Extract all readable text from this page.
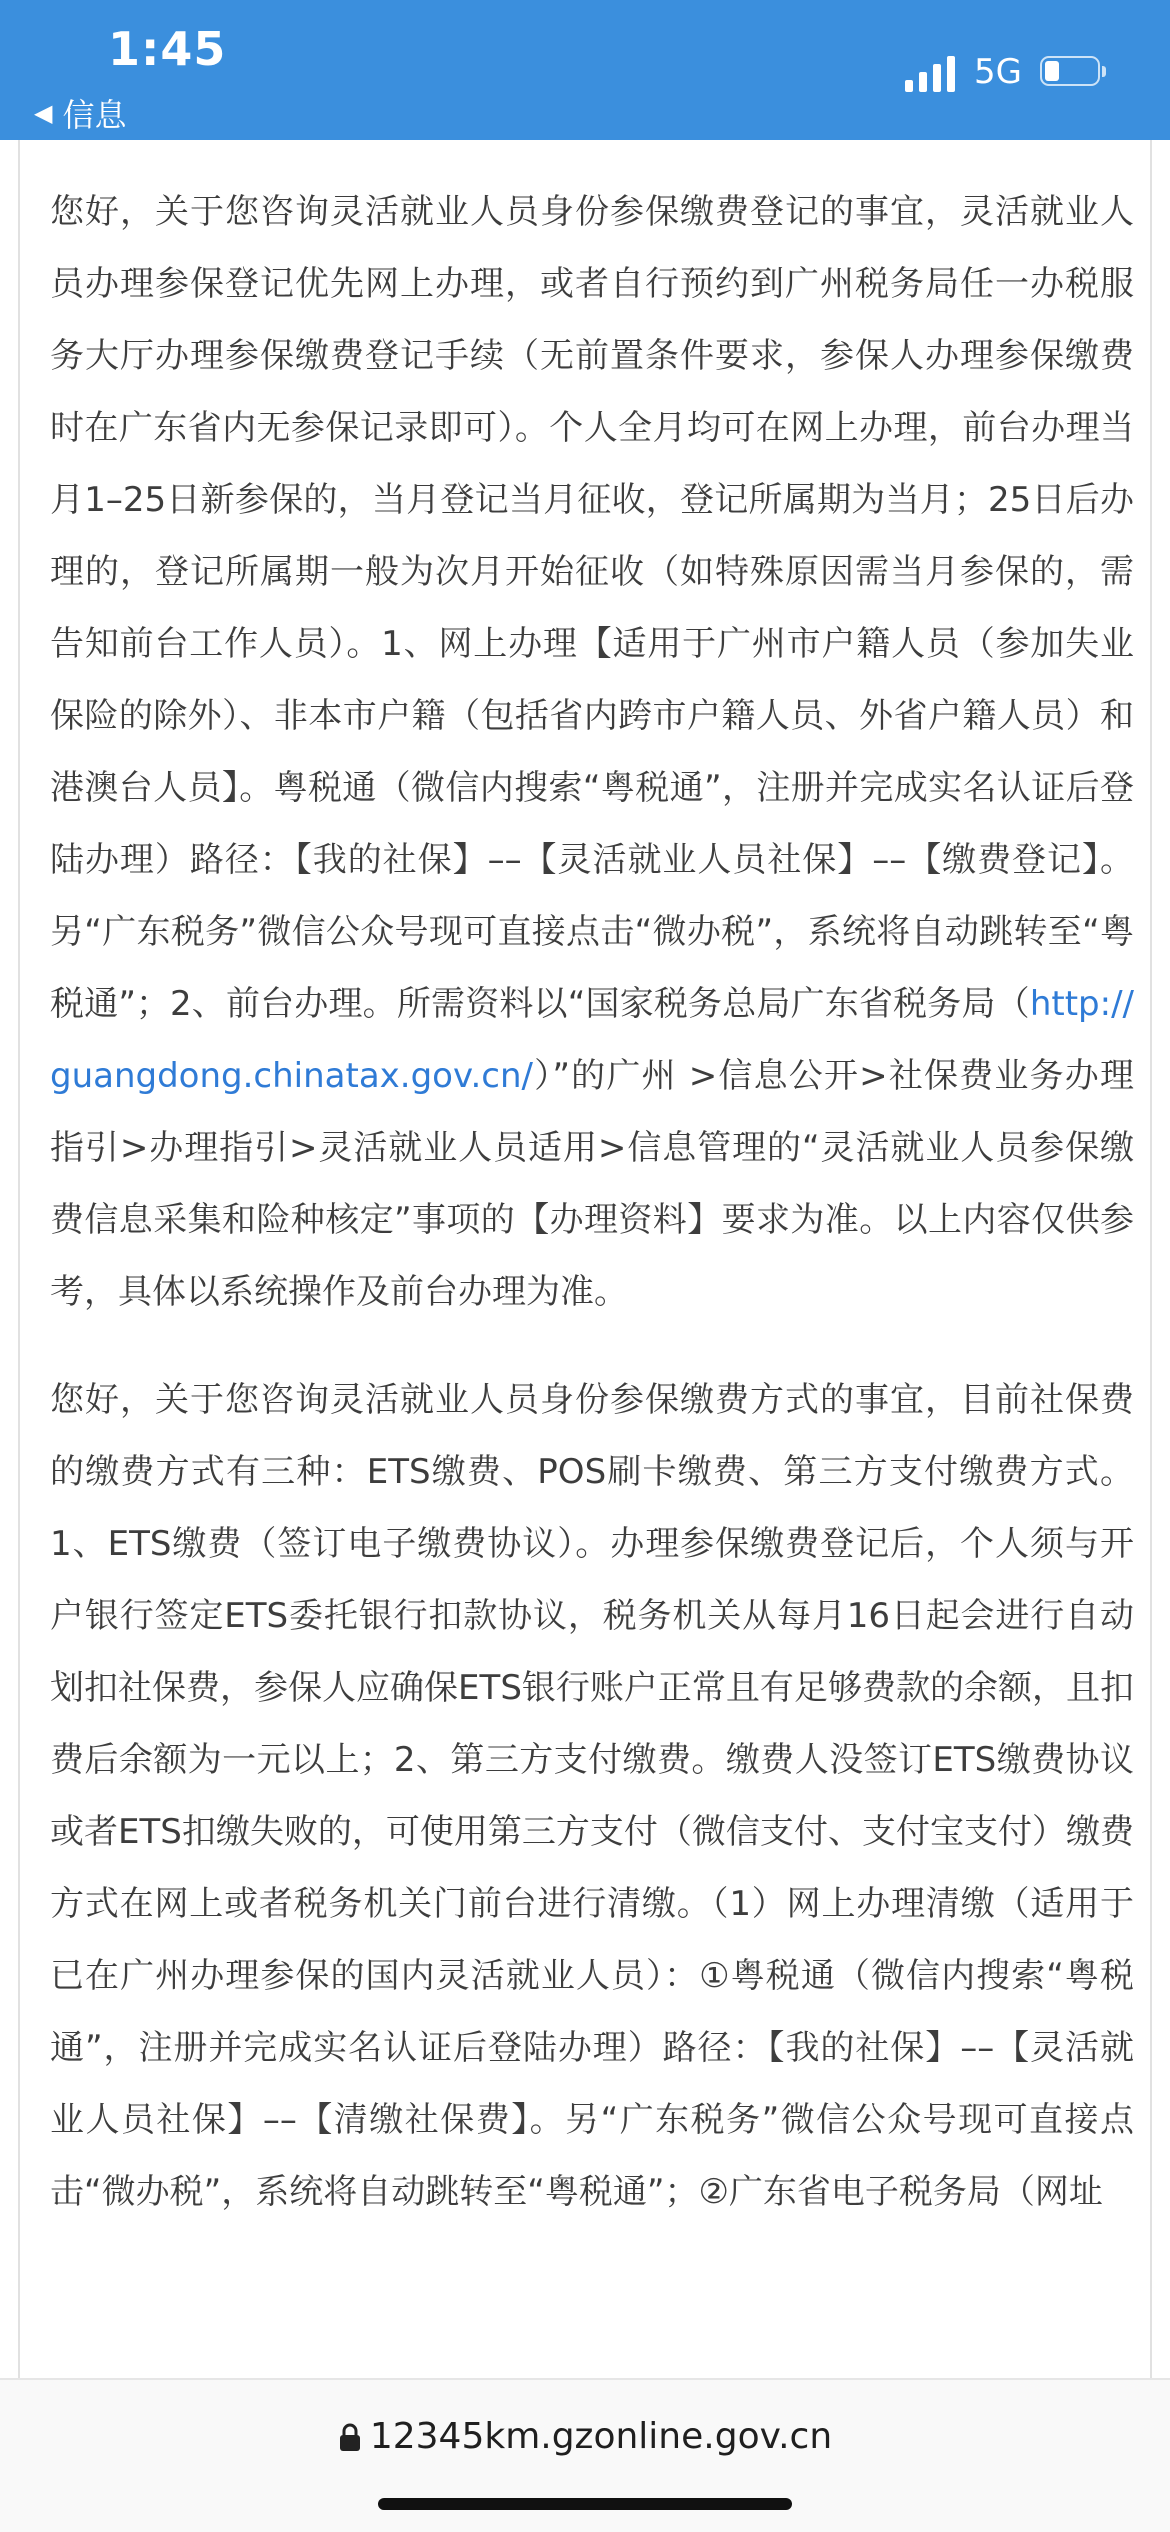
1:45
◀ 信息
5G

您好，关于您咨询灵活就业人员身份参保缴费登记的事宜，灵活就业人员办理参保登记优先网上办理，或者自行预约到广州税务局任一办税服务大厅办理参保缴费登记手续（无前置条件要求，参保人办理参保缴费时在广东省内无参保记录即可）。个人全月均可在网上办理，前台办理当月1–25日新参保的，当月登记当月征收，登记所属期为当月；25日后办理的，登记所属期一般为次月开始征收（如特殊原因需当月参保的，需告知前台工作人员）。1、网上办理【适用于广州市户籍人员（参加失业保险的除外）、非本市户籍（包括省内跨市户籍人员、外省户籍人员）和港澳台人员】。粤税通（微信内搜索“粤税通”，注册并完成实名认证后登陆办理）路径：【我的社保】––【灵活就业人员社保】––【缴费登记】。另“广东税务”微信公众号现可直接点击“微办税”，系统将自动跳转至“粤税通”；2、前台办理。所需资料以“国家税务总局广东省税务局（http://guangdong.chinatax.gov.cn/）”的广州 >信息公开>社保费业务办理指引>办理指引>灵活就业人员适用>信息管理的“灵活就业人员参保缴费信息采集和险种核定”事项的【办理资料】要求为准。以上内容仅供参考，具体以系统操作及前台办理为准。

您好，关于您咨询灵活就业人员身份参保缴费方式的事宜，目前社保费的缴费方式有三种：ETS缴费、POS刷卡缴费、第三方支付缴费方式。1、ETS缴费（签订电子缴费协议）。办理参保缴费登记后，个人须与开户银行签定ETS委托银行扣款协议，税务机关从每月16日起会进行自动划扣社保费，参保人应确保ETS银行账户正常且有足够费款的余额，且扣费后余额为一元以上；2、第三方支付缴费。缴费人没签订ETS缴费协议或者ETS扣缴失败的，可使用第三方支付（微信支付、支付宝支付）缴费方式在网上或者税务机关门前台进行清缴。（1）网上办理清缴（适用于已在广州办理参保的国内灵活就业人员）：①粤税通（微信内搜索“粤税通”，注册并完成实名认证后登陆办理）路径：【我的社保】––【灵活就业人员社保】––【清缴社保费】。另“广东税务”微信公众号现可直接点击“微办税”，系统将自动跳转至“粤税通”；②广东省电子税务局（网址

12345km.gzonline.gov.cn
